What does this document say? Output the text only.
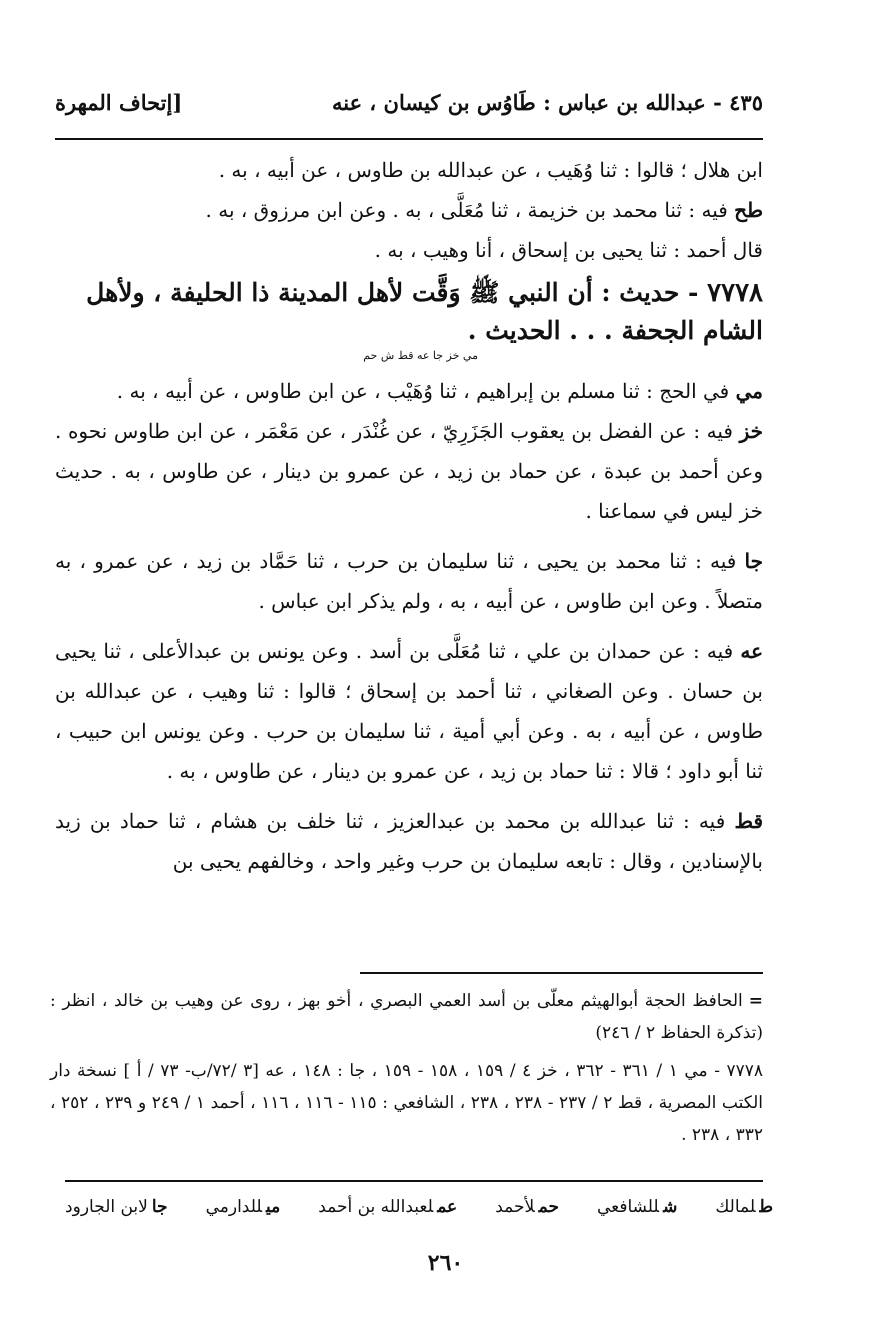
٤٣٥ - عبدالله بن عباس : طَاوُس بن كيسان ، عنه
[إتحاف المهرة

ابن هلال ؛ قالوا : ثنا وُهَيب ، عن عبدالله بن طاوس ، عن أبيه ، به .

طح فيه : ثنا محمد بن خزيمة ، ثنا مُعَلَّى ، به . وعن ابن مرزوق ، به .

قال أحمد : ثنا يحيى بن إسحاق ، أنا وهيب ، به .

٧٧٧٨ - حديث : أن النبي ﷺ وَقَّت لأهل المدينة ذا الحليفة ، ولأهل الشام الجحفة . . . الحديث .

مي خز جا عه قط ش حم

مي في الحج : ثنا مسلم بن إبراهيم ، ثنا وُهَيْب ، عن ابن طاوس ، عن أبيه ، به .

خز فيه : عن الفضل بن يعقوب الجَزَرِيّ ، عن غُنْدَر ، عن مَعْمَر ، عن ابن طاوس نحوه . وعن أحمد بن عبدة ، عن حماد بن زيد ، عن عمرو بن دينار ، عن طاوس ، به . حديث خز ليس في سماعنا .

جا فيه : ثنا محمد بن يحيى ، ثنا سليمان بن حرب ، ثنا حَمَّاد بن زيد ، عن عمرو ، به متصلاً . وعن ابن طاوس ، عن أبيه ، به ، ولم يذكر ابن عباس .

عه فيه : عن حمدان بن علي ، ثنا مُعَلَّى بن أسد . وعن يونس بن عبدالأعلى ، ثنا يحيى بن حسان . وعن الصغاني ، ثنا أحمد بن إسحاق ؛ قالوا : ثنا وهيب ، عن عبدالله بن طاوس ، عن أبيه ، به . وعن أبي أمية ، ثنا سليمان بن حرب . وعن يونس ابن حبيب ، ثنا أبو داود ؛ قالا : ثنا حماد بن زيد ، عن عمرو بن دينار ، عن طاوس ، به .

قط فيه : ثنا عبدالله بن محمد بن عبدالعزيز ، ثنا خلف بن هشام ، ثنا حماد بن زيد بالإسنادين ، وقال : تابعه سليمان بن حرب وغير واحد ، وخالفهم يحيى بن

=الحافظ الحجة أبوالهيثم معلّى بن أسد العمي البصري ، أخو بهز ، روى عن وهيب بن خالد ، انظر : (تذكرة الحفاظ ٢ / ٢٤٦)

٧٧٧٨ - مي ١ / ٣٦١ - ٣٦٢ ، خز ٤ / ١٥٩ ، ١٥٨ - ١٥٩ ، جا : ١٤٨ ، عه [٣ /٧٢/ب- ٧٣ / أ ] نسخة دار الكتب المصرية ، قط ٢ / ٢٣٧ - ٢٣٨ ، ٢٣٨ ، الشافعي : ١١٥ - ١١٦ ، ١١٦ ، أحمد ١ / ٢٤٩ و ٢٣٩ ، ٢٥٢ ، ٣٣٢ ، ٢٣٨ .

طلمالك
شللشافعي
حملأحمد
عملعبدالله بن أحمد
ميللدارمي
جالابن الجارود
٢٦٠
